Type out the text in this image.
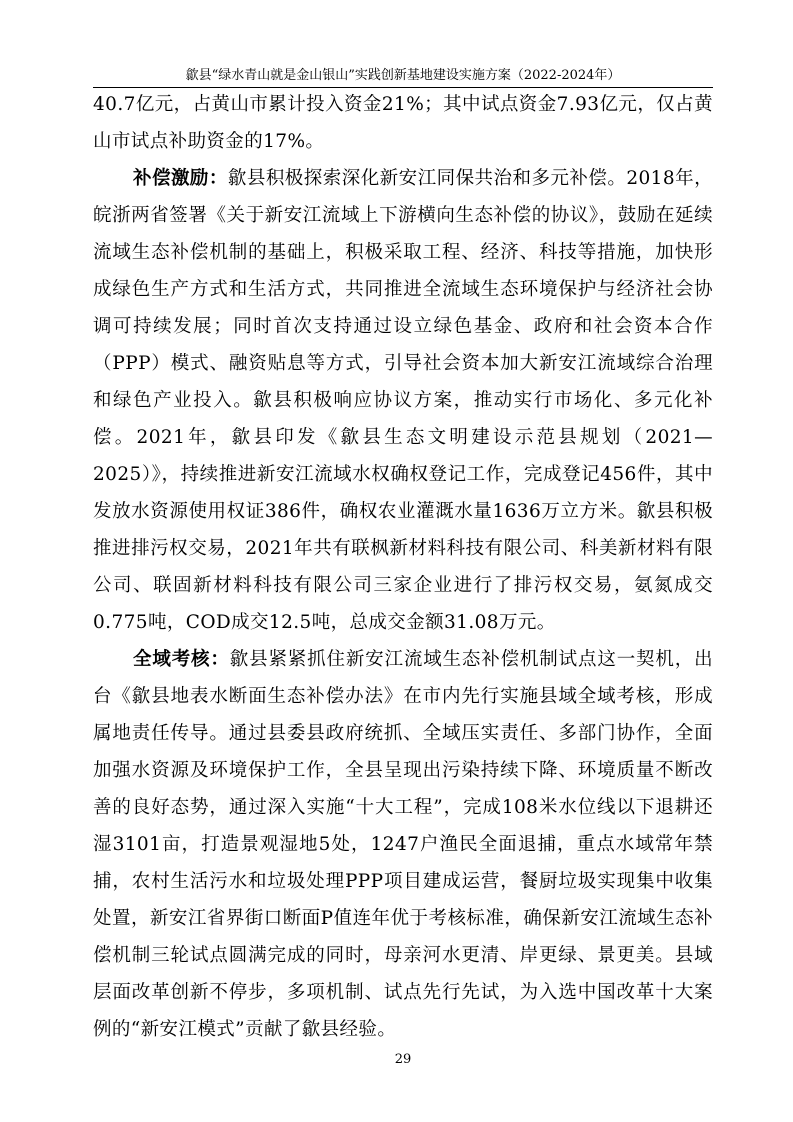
歙县“绿水青山就是金山银山”实践创新基地建设实施方案（2022-2024年）

40.7亿元，占黄山市累计投入资金21%；其中试点资金7.93亿元，仅占黄山市试点补助资金的17%。

补偿激励：歙县积极探索深化新安江同保共治和多元补偿。2018年，皖浙两省签署《关于新安江流域上下游横向生态补偿的协议》，鼓励在延续流域生态补偿机制的基础上，积极采取工程、经济、科技等措施，加快形成绿色生产方式和生活方式，共同推进全流域生态环境保护与经济社会协调可持续发展；同时首次支持通过设立绿色基金、政府和社会资本合作（PPP）模式、融资贴息等方式，引导社会资本加大新安江流域综合治理和绿色产业投入。歙县积极响应协议方案，推动实行市场化、多元化补偿。2021年，歙县印发《歙县生态文明建设示范县规划（2021—2025）》，持续推进新安江流域水权确权登记工作，完成登记456件，其中发放水资源使用权证386件，确权农业灌溉水量1636万立方米。歙县积极推进排污权交易，2021年共有联枫新材料科技有限公司、科美新材料有限公司、联固新材料科技有限公司三家企业进行了排污权交易，氨氮成交0.775吨，COD成交12.5吨，总成交金额31.08万元。

全域考核：歙县紧紧抓住新安江流域生态补偿机制试点这一契机，出台《歙县地表水断面生态补偿办法》在市内先行实施县域全域考核，形成属地责任传导。通过县委县政府统抓、全域压实责任、多部门协作，全面加强水资源及环境保护工作，全县呈现出污染持续下降、环境质量不断改善的良好态势，通过深入实施“十大工程”，完成108米水位线以下退耕还湿3101亩，打造景观湿地5处，1247户渔民全面退捕，重点水域常年禁捕，农村生活污水和垃圾处理PPP项目建成运营，餐厨垃圾实现集中收集处置，新安江省界街口断面P值连年优于考核标准，确保新安江流域生态补偿机制三轮试点圆满完成的同时，母亲河水更清、岸更绿、景更美。县域层面改革创新不停步，多项机制、试点先行先试，为入选中国改革十大案例的“新安江模式”贡献了歙县经验。

29
